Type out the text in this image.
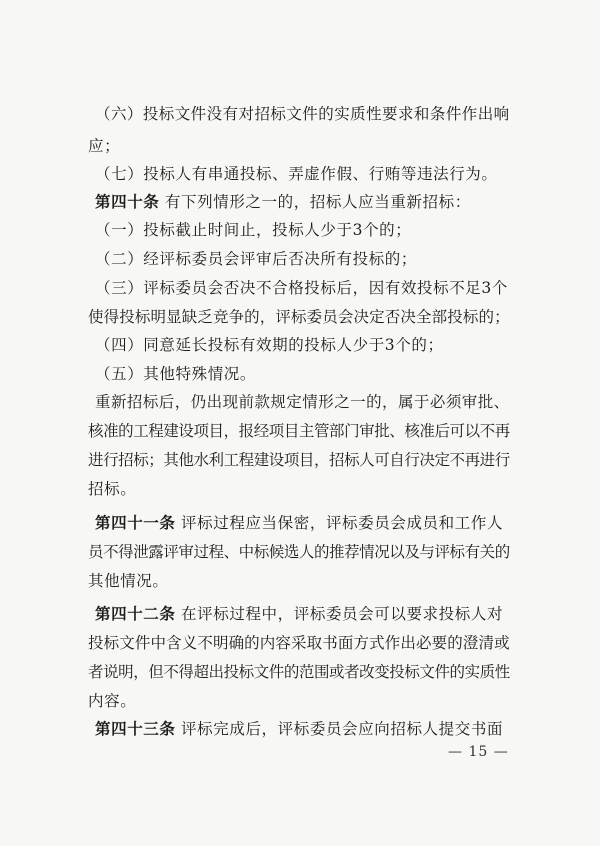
（六）投标文件没有对招标文件的实质性要求和条件作出响
应；
（七）投标人有串通投标、弄虚作假、行贿等违法行为。
第四十条 有下列情形之一的，招标人应当重新招标：
（一）投标截止时间止，投标人少于3个的；
（二）经评标委员会评审后否决所有投标的；
（三）评标委员会否决不合格投标后，因有效投标不足3个
使得投标明显缺乏竞争的，评标委员会决定否决全部投标的；
（四）同意延长投标有效期的投标人少于3个的；
（五）其他特殊情况。
重新招标后，仍出现前款规定情形之一的，属于必须审批、
核准的工程建设项目，报经项目主管部门审批、核准后可以不再
进行招标；其他水利工程建设项目，招标人可自行决定不再进行
招标。
第四十一条 评标过程应当保密，评标委员会成员和工作人
员不得泄露评审过程、中标候选人的推荐情况以及与评标有关的
其他情况。
第四十二条 在评标过程中，评标委员会可以要求投标人对
投标文件中含义不明确的内容采取书面方式作出必要的澄清或
者说明，但不得超出投标文件的范围或者改变投标文件的实质性
内容。
第四十三条 评标完成后，评标委员会应向招标人提交书面
— 15 —
